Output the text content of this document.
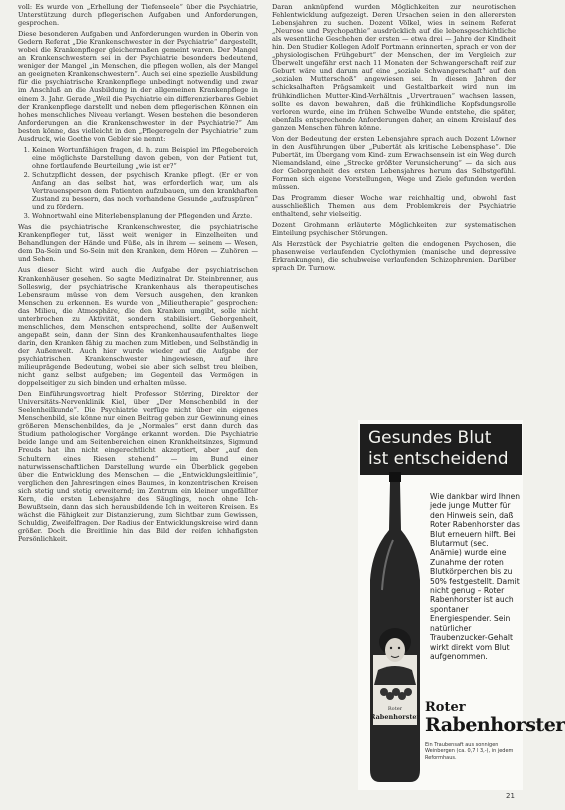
voll: Es wurde von „Erhellung der Tiefenseele“ über die Psychiatrie, Unterstützung durch pflegerischen Aufgaben und Anforderungen, gesprochen.

Diese besonderen Aufgaben und Anforderungen wurden in Oberin von Gedern Referat „Die Krankenschwester in der Psychiatrie“ dargestellt, wobei die Krankenpfleger gleichermaßen gemeint waren. Der Mangel an Krankenschwestern sei in der Psychiatrie besonders bedeutend, weniger der Mangel „in Menschen, die pflegen wollen, als der Mangel an geeigneten Krankenschwestern“. Auch sei eine spezielle Ausbildung für die psychiatrische Krankenpflege unbedingt notwendig und zwar im Anschluß an die Ausbildung in der allgemeinen Krankenpflege in einem 3. Jahr. Gerade „Weil die Psychiatrie ein differenzierbares Gebiet der Krankenpflege darstellt und neben dem pflegerischen Können ein hohes menschliches Niveau verlangt. Wesen bestehen die besonderen Anforderungen an die Krankenschwester in der Psychiatrie?“ Am besten könne, das vielleicht in den „Pflegeregeln der Psychiatrie“ zum Ausdruck, wie Goethe von Gebler sie nennt:

1. Keinen Wortunfähigen fragen, d. h. zum Beispiel im Pflegebereich eine möglichste Darstellung davon geben, von der Patient tut, ohne fortlaufende Beurteilung „wie ist er?“
2. Schutzpflicht dessen, der psychisch Kranke pflegt. (Er er von Anfang an das selbst hat, was erforderlich war, um als Vertrauensperson dem Patienten aufzubauen, um den krankhaften Zustand zu bessern, das noch vorhandene Gesunde „aufzuspüren“ und zu fördern.
3. Wohnortwahl eine Miterlebensplanung der Pflegenden und Ärzte.

Was die psychiatrische Krankenschwester, die psychiatrische Krankenpfleger tut, lässt weit weniger in Einzelheiten und Behandlungen der Hände und Füße, als in ihrem — seinem — Wesen, dem Da-Sein und So-Sein mit den Kranken, dem Hören — Zuhören — und Sehen.

Aus dieser Sicht wird auch die Aufgabe der psychiatrischen Krankenhäuser gesehen. So sagte Medizinalrat Dr. Steinbrenner, aus Solleswig, der psychiatrische Krankenhaus als therapeutisches Lebensraum müsse von dem Versuch ausgehen, den kranken Menschen zu erkennen. Es wurde von „Milieutherapie“ gesprochen: das Milieu, die Atmosphäre, die den Kranken umgibt, solle nicht unterbrochen zu Aktivität, sondern stabilisiert. Geborgenheit, menschliches, dem Menschen entsprechend, sollte der Außenwelt angepaßt sein, dann der Sinn des Krankenhausaufenthaltes liege darin, den Kranken fähig zu machen zum Mitleben, und Selbständig in der Außenwelt. Auch hier wurde wieder auf die Aufgabe der psychiatrischen Krankenschwester hingewiesen, auf ihre milieuprägende Bedeutung, wobei sie aber sich selbst treu bleiben, nicht ganz selbst aufgeben; im Gegenteil das Vermögen in doppelseitiger zu sich binden und erhalten müsse.

Den Einführungsvortrag hielt Professor Störring, Direktor der Universitäts-Nervenklinik Kiel, über „Der Menschenbild in der Seelenheilkunde“. Die Psychiatrie verfüge nicht über ein eigenes Menschenbild, sie könne nur einen Beitrag geben zur Gewinnung eines größeren Menschenbildes, da je „Normales“ erst dann durch das Studium pathologischer Vorgänge erkannt worden. Die Psychiatrie beide lange und am Seitenbereichen einen Krankheitsinzes, Sigmund Freuds hat ihn nicht eingerechtlicht akzeptiert, aber „auf den Schultern eines Riesen stehend“ — im Bund einer naturwissenschaftlichen Darstellung wurde ein Überblick gegeben über die Entwicklung des Menschen — die „Entwicklungsleitlinie“, verglichen den Jahresringen eines Baumes, in konzentrischen Kreisen sich stetig und stetig erweiternd; im Zentrum ein kleiner ungefällter Kern, die ersten Lebensjahre des Säuglings, noch ohne Ich-Bewußtsein, dann das sich herausbildende Ich in weiteren Kreisen. Es wächst die Fähigkeit zur Distanzierung, zum Sichtbar zum Gewissen, Schuldig, Zweifelfragen. Der Radius der Entwicklungskreise wird dann größer. Doch die Breitlinie hin das Bild der reifen ichhafigsten Persönlichkeit.

Daran anknüpfend wurden Möglichkeiten zur neurotischen Fehlentwicklung aufgezeigt. Deren Ursachen seien in den allerersten Lebensjahren zu suchen. Dozent Völkel, wies in seinem Referat „Neurose und Psychopathie“ ausdrücklich auf die lebensgeschichtliche als wesentliche Geschehen der ersten — etwa drei — Jahre der Kindheit hin. Den Studier Kollegen Adolf Portmann erinnerten, sprach er von der „physiologischen Frühgeburt“ der Menschen, der im Vergleich zur Überwelt ungefähr erst nach 11 Monaten der Schwangerschaft reif zur Geburt wäre und darum auf eine „soziale Schwangerschaft“ auf den „sozialen Mutterschoß“ angewiesen sei. In diesen Jahren der schicksalhaften Prägsamkeit und Gestaltbarkeit wird nun im frühkindlichen Mutter-Kind-Verhältnis „Urvertrauen“ wachsen lassen, sollte es davon bewahren, daß die frühkindliche Kopfsdungsrolle verloren wurde, eine im frühen Schwelbe Wunde entstehe, die später, ebenfalls entsprechende Anforderungen daher, an einem Kreislauf des ganzen Menschen führen könne.

Von der Bedeutung der ersten Lebensjahre sprach auch Dozent Löwner in den Ausführungen über „Pubertät als kritische Lebensphase“. Die Pubertät, im Übergang vom Kind- zum Erwachsensein ist ein Weg durch Niemandsland, eine „Strecke größter Verunsicherung“ — da sich aus der Geborgenheit des ersten Lebensjahres herum das Selbstgefühl. Formen sich eigene Vorstellungen, Wege und Ziele gefunden werden müssen.

Das Programm dieser Woche war reichhaltig und, obwohl fast ausschließlich Themen aus dem Problemkreis der Psychiatrie enthaltend, sehr vielseitig.

Dozent Grohmann erläuterte Möglichkeiten zur systematischen Einteilung psychischer Störungen.

Als Herzstück der Psychiatrie gelten die endogenen Psychosen, die phasenweise verlaufenden Cyclothymien (manische und depressive Erkrankungen), die schubweise verlaufenden Schizophrenien. Darüber sprach Dr. Turnow.

Gesundes Blut
ist entscheidend
Roter
Rabenhorster
Wie dankbar wird Ihnen jede junge Mutter für den Hinweis sein, daß Roter Rabenhorster das Blut erneuern hilft. Bei Blutarmut (sec. Anämie) wurde eine Zunahme der roten Blutkörperchen bis zu 50% festgestellt. Damit nicht genug – Roter Rabenhorster ist auch spontaner Energiespender. Sein natürlicher Traubenzucker-Gehalt wirkt direkt vom Blut aufgenommen.
Roter
Rabenhorster
Ein Traubensaft aus sonnigen Weinbergen (ca. 0,7 l 3,-), in jedem Reformhaus.
21
